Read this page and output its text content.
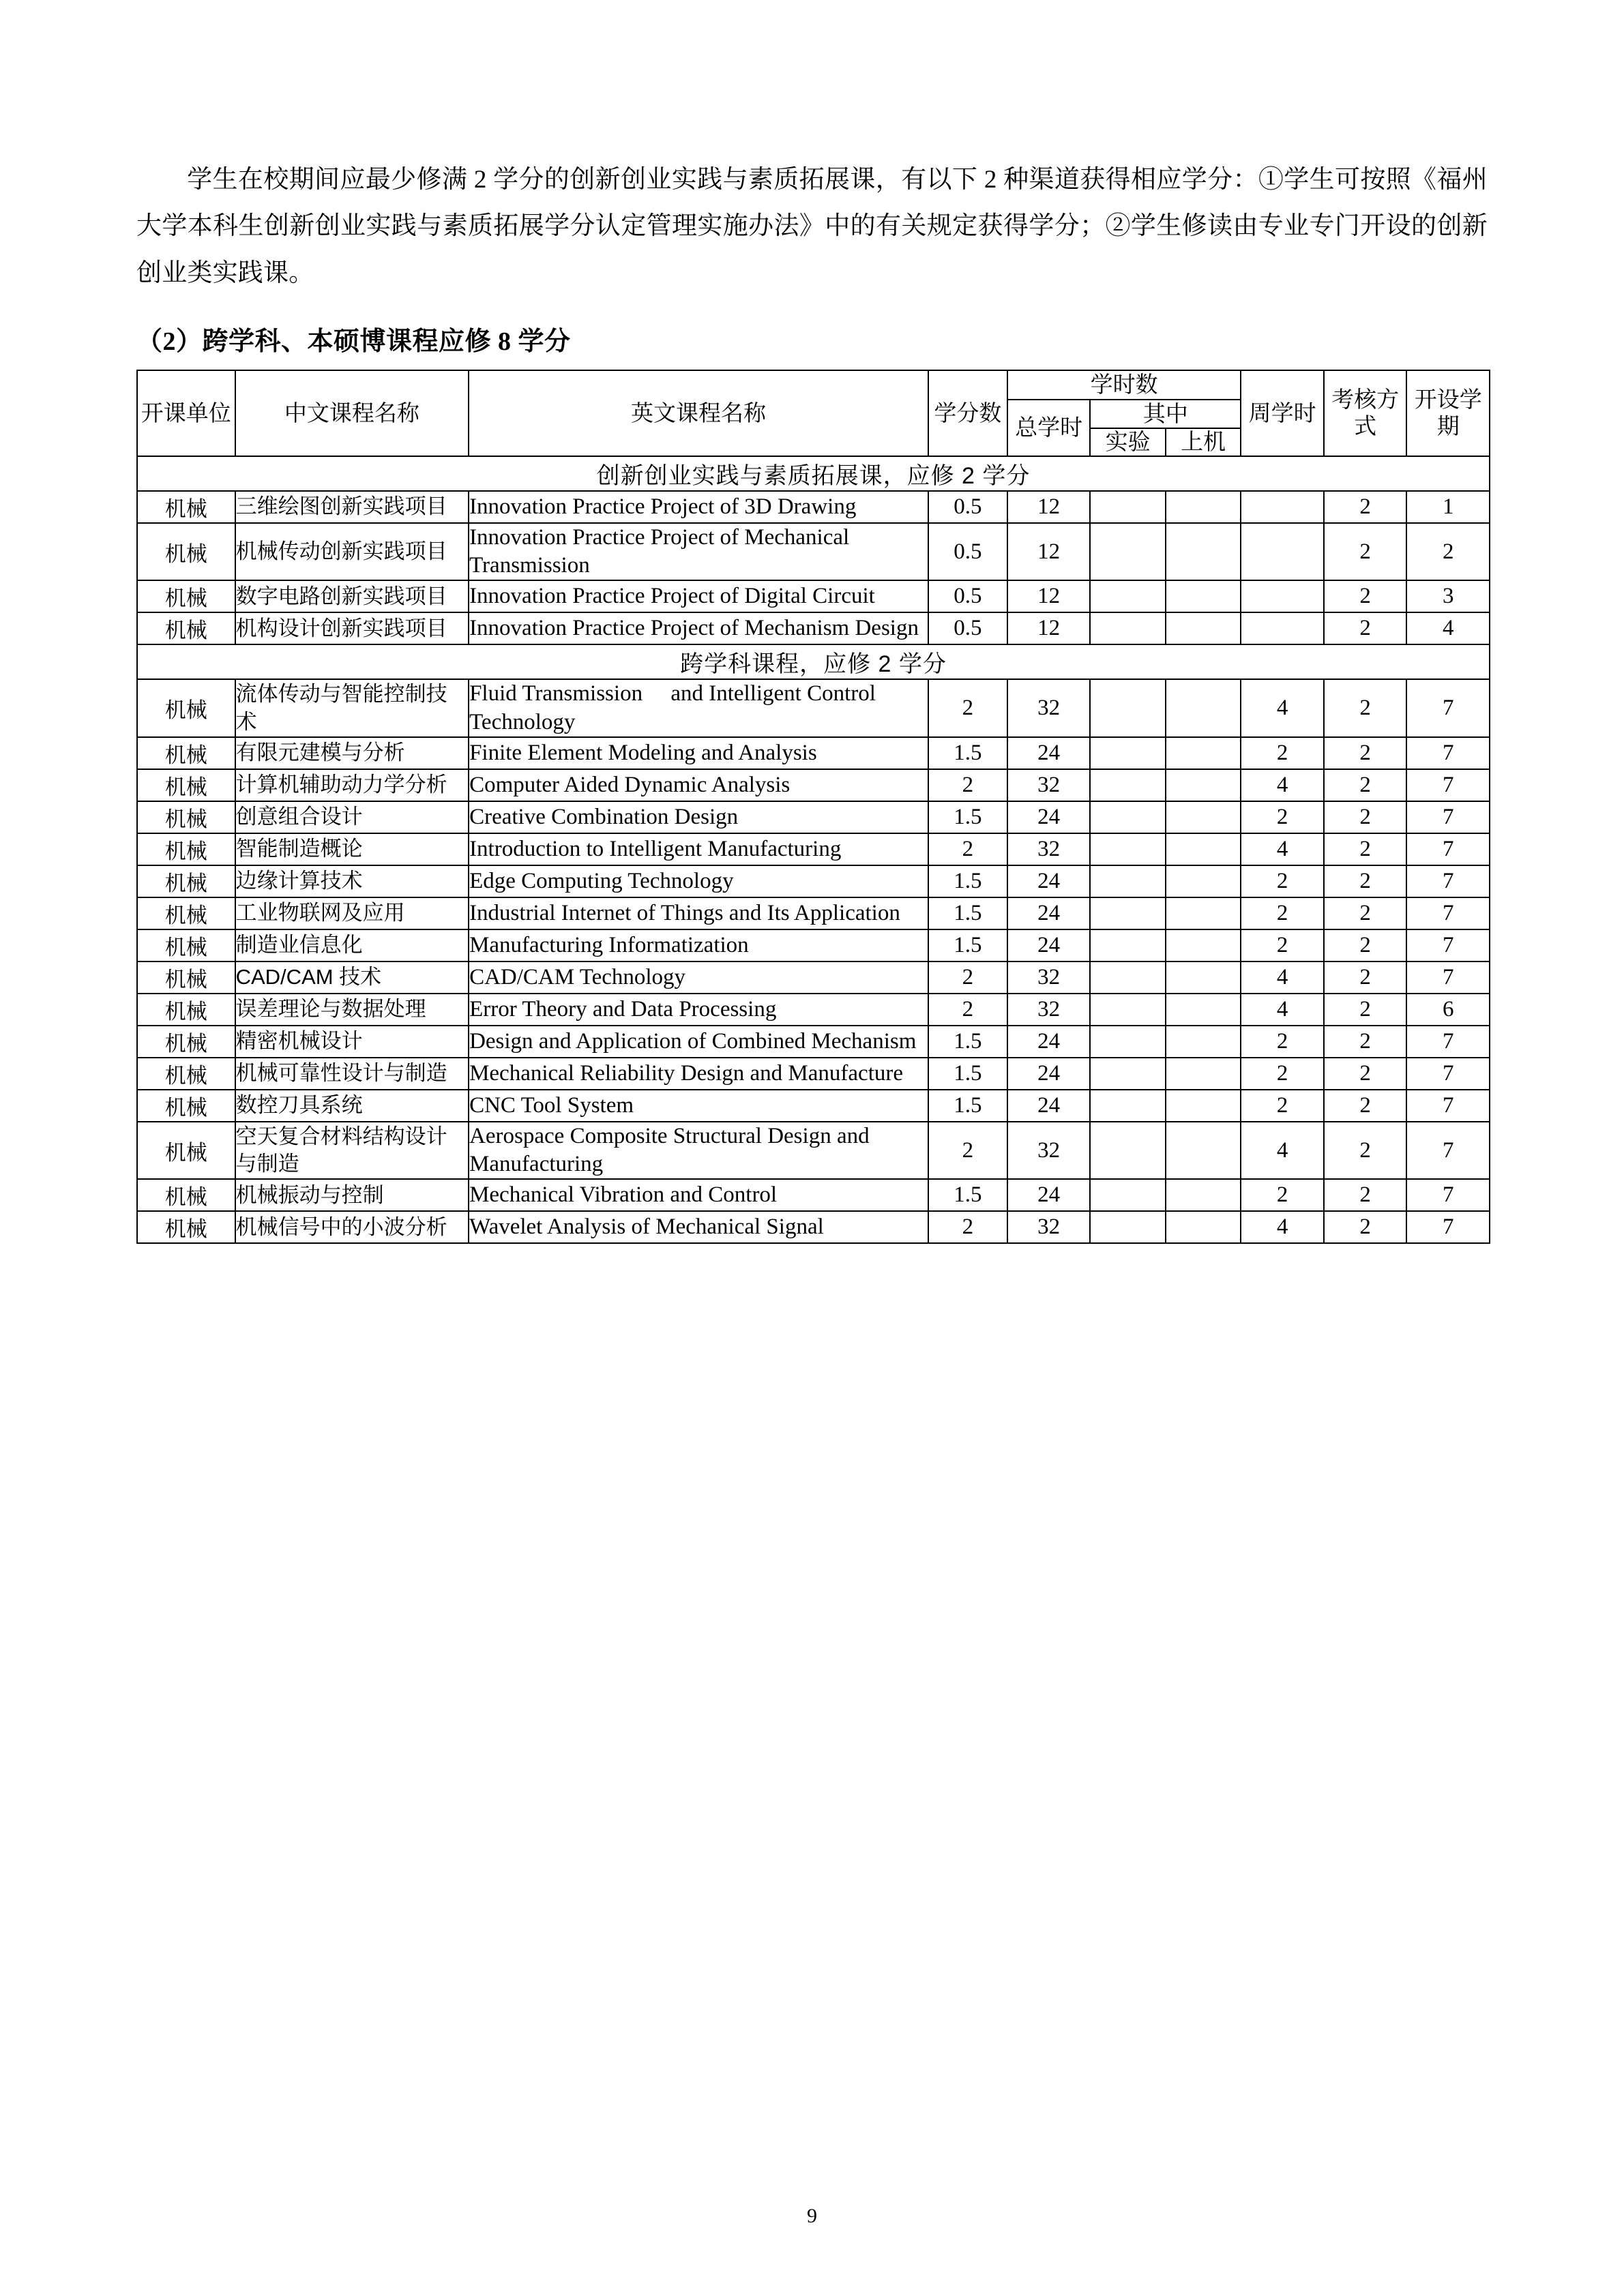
学生在校期间应最少修满 2 学分的创新创业实践与素质拓展课，有以下 2 种渠道获得相应学分：①学生可按照《福州大学本科生创新创业实践与素质拓展学分认定管理实施办法》中的有关规定获得学分；②学生修读由专业专门开设的创新创业类实践课。

（2）跨学科、本硕博课程应修 8 学分
开课单位	中文课程名称	英文课程名称	学分数	学时数			周学时	考核方式	开设学期
				总学时	其中				
					实验	上机			
创新创业实践与素质拓展课，应修 2 学分									
机械	三维绘图创新实践项目	Innovation Practice Project of 3D Drawing	0.5	12				2	1
机械	机械传动创新实践项目	Innovation Practice Project of Mechanical Transmission	0.5	12				2	2
机械	数字电路创新实践项目	Innovation Practice Project of Digital Circuit	0.5	12				2	3
机械	机构设计创新实践项目	Innovation Practice Project of Mechanism Design	0.5	12				2	4
跨学科课程，应修 2 学分									
机械	流体传动与智能控制技术	Fluid Transmission　 and Intelligent Control Technology	2	32			4	2	7
机械	有限元建模与分析	Finite Element Modeling and Analysis	1.5	24			2	2	7
机械	计算机辅助动力学分析	Computer Aided Dynamic Analysis	2	32			4	2	7
机械	创意组合设计	Creative Combination Design	1.5	24			2	2	7
机械	智能制造概论	Introduction to Intelligent Manufacturing	2	32			4	2	7
机械	边缘计算技术	Edge Computing Technology	1.5	24			2	2	7
机械	工业物联网及应用	Industrial Internet of Things and Its Application	1.5	24			2	2	7
机械	制造业信息化	Manufacturing Informatization	1.5	24			2	2	7
机械	CAD/CAM 技术	CAD/CAM Technology	2	32			4	2	7
机械	误差理论与数据处理	Error Theory and Data Processing	2	32			4	2	6
机械	精密机械设计	Design and Application of Combined Mechanism	1.5	24			2	2	7
机械	机械可靠性设计与制造	Mechanical Reliability Design and Manufacture	1.5	24			2	2	7
机械	数控刀具系统	CNC Tool System	1.5	24			2	2	7
机械	空天复合材料结构设计与制造	Aerospace Composite Structural Design and Manufacturing	2	32			4	2	7
机械	机械振动与控制	Mechanical Vibration and Control	1.5	24			2	2	7
机械	机械信号中的小波分析	Wavelet Analysis of Mechanical Signal	2	32			4	2	7
9
